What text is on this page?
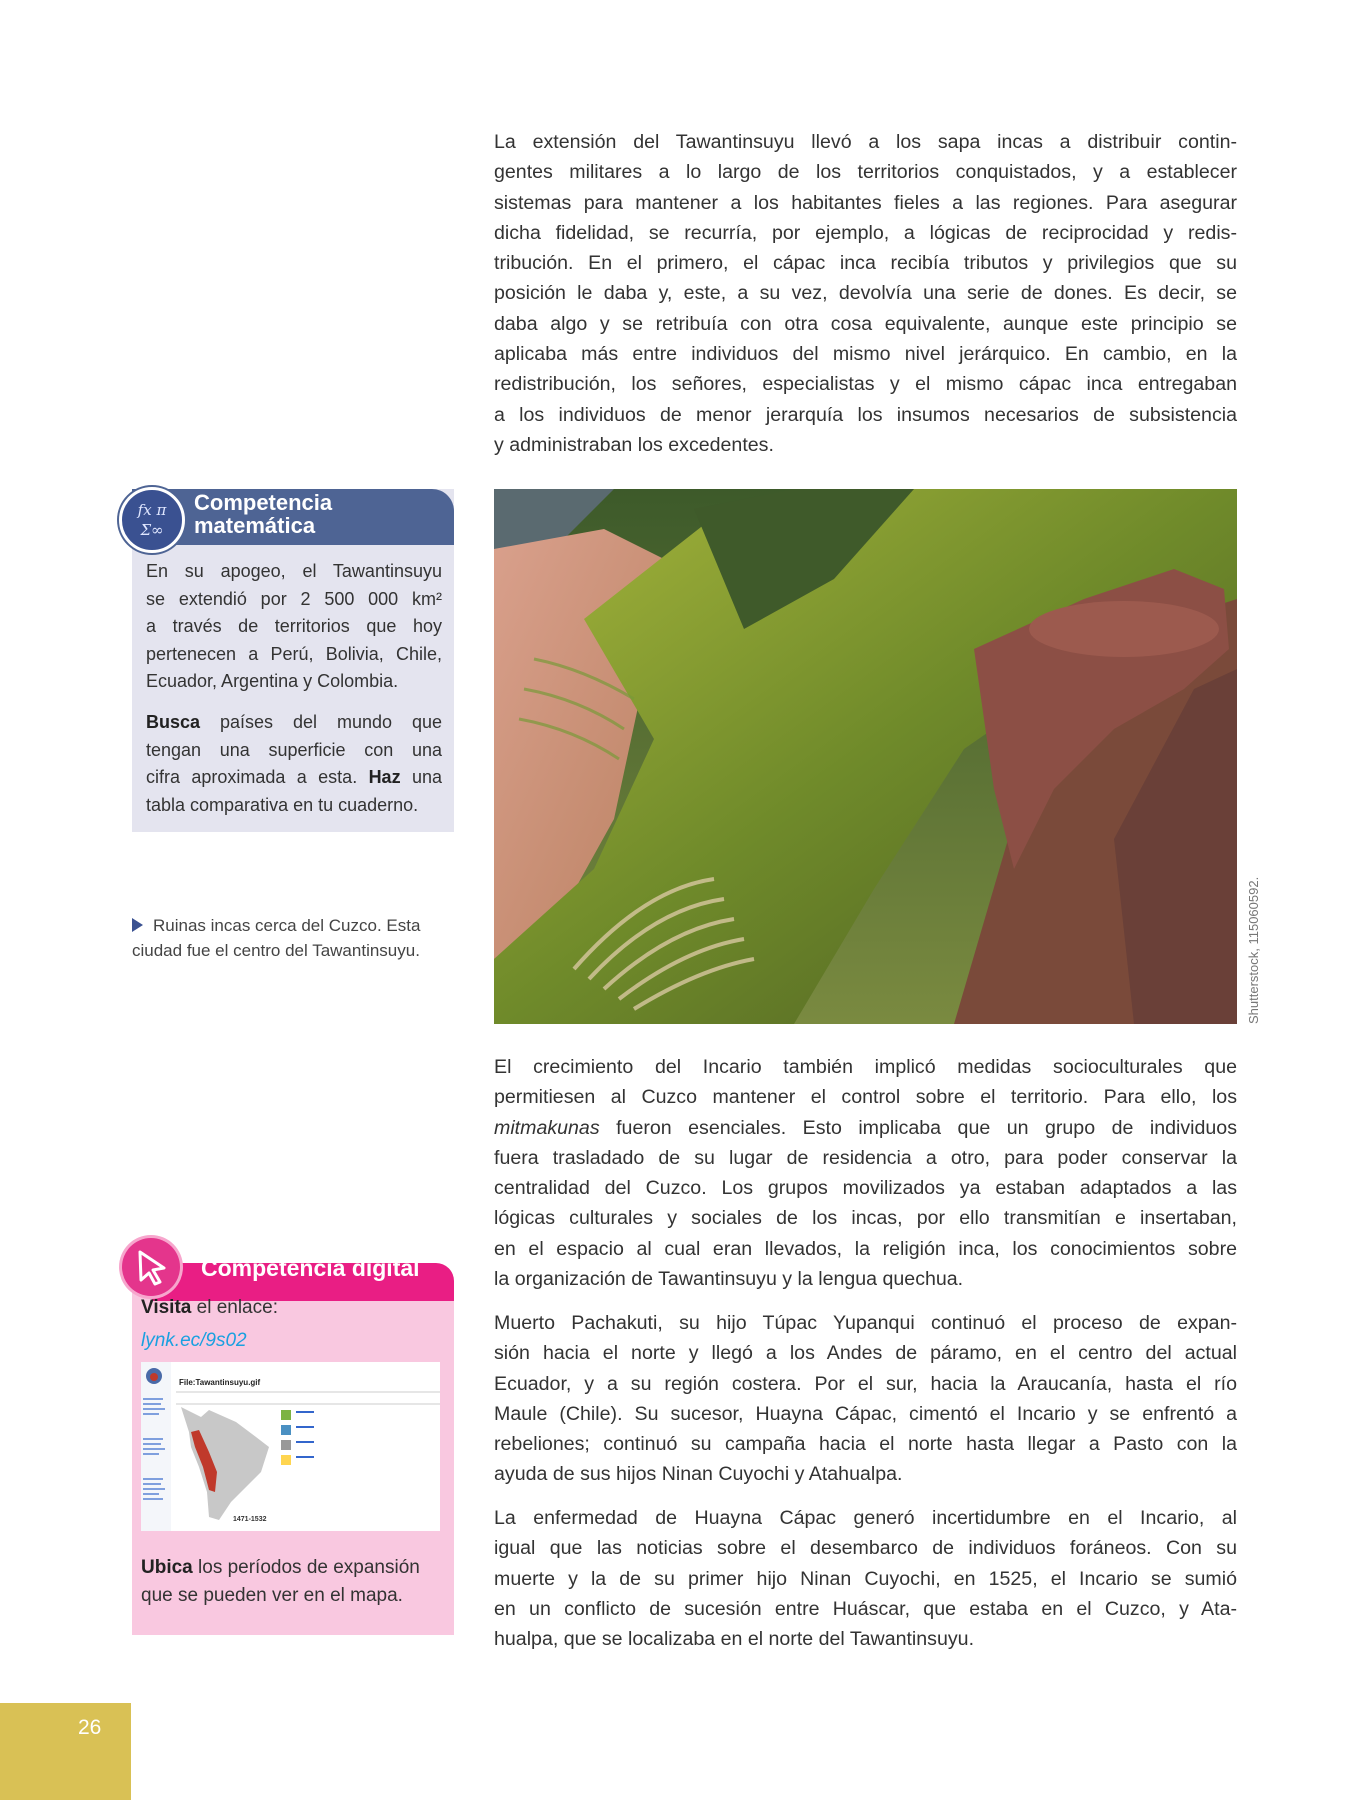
La extensión del Tawantinsuyu llevó a los sapa incas a distribuir contin-
gentes militares a lo largo de los territorios conquistados, y a establecer
sistemas para mantener a los habitantes fieles a las regiones. Para asegurar
dicha fidelidad, se recurría, por ejemplo, a lógicas de reciprocidad y redis-
tribución. En el primero, el cápac inca recibía tributos y privilegios que su
posición le daba y, este, a su vez, devolvía una serie de dones. Es decir, se
daba algo y se retribuía con otra cosa equivalente, aunque este principio se
aplicaba más entre individuos del mismo nivel jerárquico. En cambio, en la
redistribución, los señores, especialistas y el mismo cápac inca entregaban
a los individuos de menor jerarquía los insumos necesarios de subsistencia
y administraban los excedentes.
Shutterstock, 115060592.
fx π
Σ∞
Competencia
matemática
En su apogeo, el Tawantinsuyu
se extendió por 2 500 000 km²
a través de territorios que hoy
pertenecen a Perú, Bolivia, Chile,
Ecuador, Argentina y Colombia.
Busca países del mundo que
tengan una superficie con una
cifra aproximada a esta. Haz una
tabla comparativa en tu cuaderno.
Ruinas incas cerca del Cuzco. Esta
ciudad fue el centro del Tawantinsuyu.
El crecimiento del Incario también implicó medidas socioculturales que
permitiesen al Cuzco mantener el control sobre el territorio. Para ello, los
mitmakunas fueron esenciales. Esto implicaba que un grupo de individuos
fuera trasladado de su lugar de residencia a otro, para poder conservar la
centralidad del Cuzco. Los grupos movilizados ya estaban adaptados a las
lógicas culturales y sociales de los incas, por ello transmitían e insertaban,
en el espacio al cual eran llevados, la religión inca, los conocimientos sobre
la organización de Tawantinsuyu y la lengua quechua.
Muerto Pachakuti, su hijo Túpac Yupanqui continuó el proceso de expan-
sión hacia el norte y llegó a los Andes de páramo, en el centro del actual
Ecuador, y a su región costera. Por el sur, hacia la Araucanía, hasta el río
Maule (Chile). Su sucesor, Huayna Cápac, cimentó el Incario y se enfrentó a
rebeliones; continuó su campaña hacia el norte hasta llegar a Pasto con la
ayuda de sus hijos Ninan Cuyochi y Atahualpa.
La enfermedad de Huayna Cápac generó incertidumbre en el Incario, al
igual que las noticias sobre el desembarco de individuos foráneos. Con su
muerte y la de su primer hijo Ninan Cuyochi, en 1525, el Incario se sumió
en un conflicto de sucesión entre Huáscar, que estaba en el Cuzco, y Ata-
hualpa, que se localizaba en el norte del Tawantinsuyu.
Competencia digital
Visita el enlace:
lynk.ec/9s02
File:Tawantinsuyu.gif
1471-1532
Ubica los períodos de expansión
que se pueden ver en el mapa.
26
